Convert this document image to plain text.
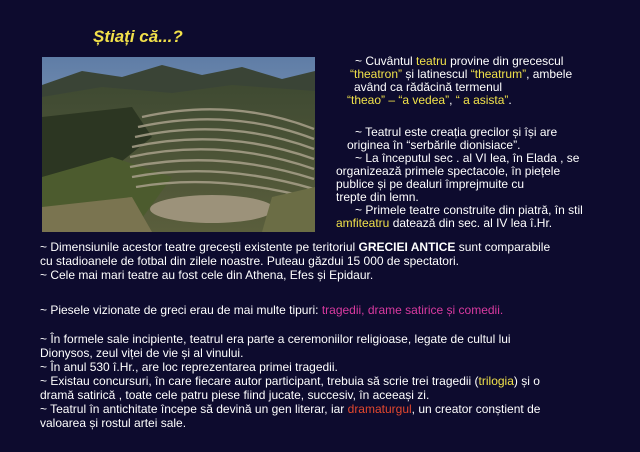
Știați că...?
~ Cuvântul teatru provine din grecescul
“theatron” și latinescul “theatrum”, ambele
având ca rădăcină termenul
“theao” – “a vedea”, “ a asista”.
~ Teatrul este creația grecilor și își are
originea în “serbările dionisiace”.
~ La începutul sec . al VI lea, în Elada , se
organizează primele spectacole, în piețele
publice și pe dealuri împrejmuite cu
trepte din lemn.
~ Primele teatre construite din piatră, în stil
amfiteatru datează din sec. al IV lea î.Hr.
~ Dimensiunile acestor teatre grecești existente pe teritoriul GRECIEI ANTICE sunt comparabile
cu stadioanele de fotbal din zilele noastre. Puteau găzdui 15 000 de spectatori.
~ Cele mai mari teatre au fost cele din Athena, Efes și Epidaur.
~ Piesele vizionate de greci erau de mai multe tipuri: tragedii, drame satirice și comedii.
~ În formele sale incipiente, teatrul era parte a ceremoniilor religioase, legate de cultul lui
Dionysos, zeul viței de vie și al vinului.
~ În anul 530 î.Hr., are loc reprezentarea primei tragedii.
~ Existau concursuri, în care fiecare autor participant, trebuia să scrie trei tragedii (trilogia) și o
dramă satirică , toate cele patru piese fiind jucate, succesiv, în aceeași zi.
~ Teatrul în antichitate începe să devină un gen literar, iar dramaturgul, un creator conștient de
valoarea și rostul artei sale.
